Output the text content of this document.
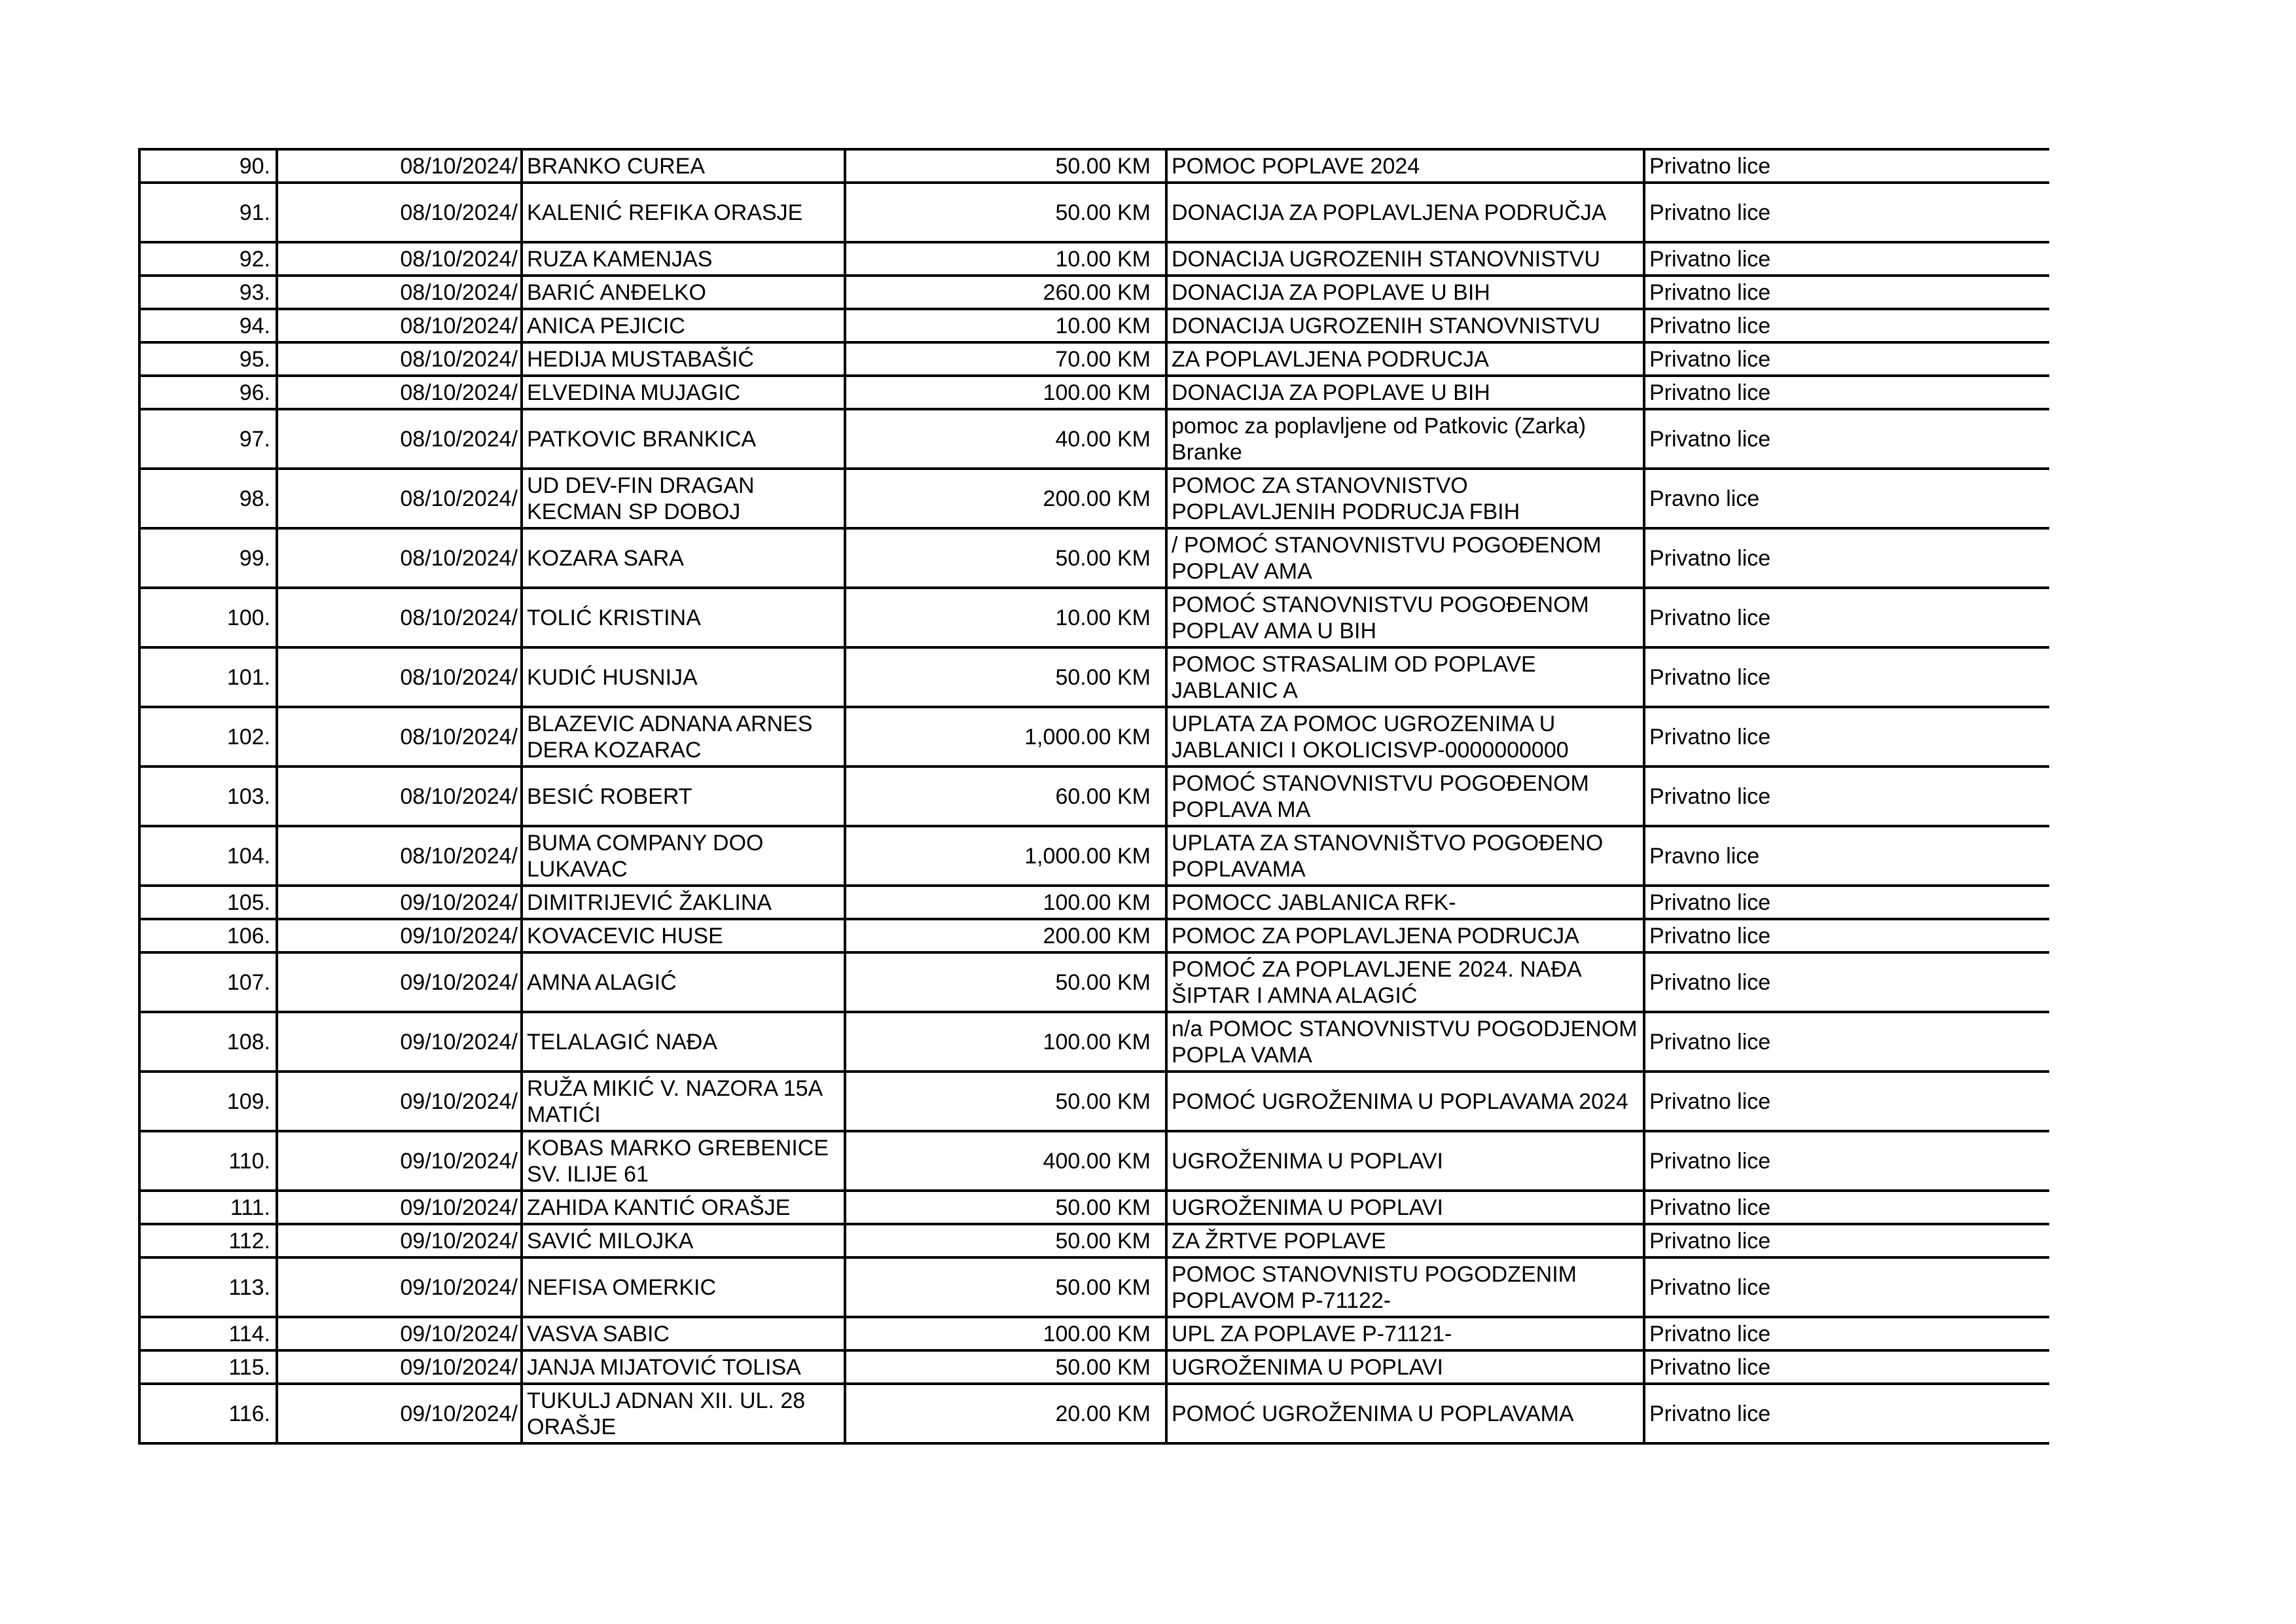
90.	08/10/2024/	BRANKO CUREA	50.00 KM	POMOC POPLAVE 2024	Privatno lice
91.	08/10/2024/	KALENIĆ REFIKA ORASJE	50.00 KM	DONACIJA ZA POPLAVLJENA PODRUČJA	Privatno lice
92.	08/10/2024/	RUZA KAMENJAS	10.00 KM	DONACIJA UGROZENIH STANOVNISTVU	Privatno lice
93.	08/10/2024/	BARIĆ ANĐELKO	260.00 KM	DONACIJA ZA POPLAVE U BIH	Privatno lice
94.	08/10/2024/	ANICA PEJICIC	10.00 KM	DONACIJA UGROZENIH STANOVNISTVU	Privatno lice
95.	08/10/2024/	HEDIJA MUSTABAŠIĆ	70.00 KM	ZA POPLAVLJENA PODRUCJA	Privatno lice
96.	08/10/2024/	ELVEDINA MUJAGIC	100.00 KM	DONACIJA ZA POPLAVE U BIH	Privatno lice
97.	08/10/2024/	PATKOVIC BRANKICA	40.00 KM	pomoc za poplavljene od Patkovic (Zarka) Branke	Privatno lice
98.	08/10/2024/	UD DEV-FIN DRAGAN KECMAN SP DOBOJ	200.00 KM	POMOC ZA STANOVNISTVO POPLAVLJENIH PODRUCJA FBIH	Pravno lice
99.	08/10/2024/	KOZARA SARA	50.00 KM	/ POMOĆ STANOVNISTVU POGOĐENOM POPLAV AMA	Privatno lice
100.	08/10/2024/	TOLIĆ KRISTINA	10.00 KM	POMOĆ STANOVNISTVU POGOĐENOM POPLAV AMA U BIH	Privatno lice
101.	08/10/2024/	KUDIĆ HUSNIJA	50.00 KM	POMOC STRASALIM OD POPLAVE JABLANIC A	Privatno lice
102.	08/10/2024/	BLAZEVIC ADNANA ARNES DERA KOZARAC	1,000.00 KM	UPLATA ZA POMOC UGROZENIMA U JABLANICI I OKOLICISVP-0000000000	Privatno lice
103.	08/10/2024/	BESIĆ ROBERT	60.00 KM	POMOĆ STANOVNISTVU POGOĐENOM POPLAVA MA	Privatno lice
104.	08/10/2024/	BUMA COMPANY DOO LUKAVAC	1,000.00 KM	UPLATA ZA STANOVNIŠTVO POGOĐENO POPLAVAMA	Pravno lice
105.	09/10/2024/	DIMITRIJEVIĆ ŽAKLINA	100.00 KM	POMOCC JABLANICA RFK-	Privatno lice
106.	09/10/2024/	KOVACEVIC HUSE	200.00 KM	POMOC ZA POPLAVLJENA PODRUCJA	Privatno lice
107.	09/10/2024/	AMNA ALAGIĆ	50.00 KM	POMOĆ ZA POPLAVLJENE 2024. NAĐA ŠIPTAR I AMNA ALAGIĆ	Privatno lice
108.	09/10/2024/	TELALAGIĆ NAĐA	100.00 KM	n/a POMOC STANOVNISTVU POGODJENOM POPLA VAMA	Privatno lice
109.	09/10/2024/	RUŽA MIKIĆ V. NAZORA 15A MATIĆI	50.00 KM	POMOĆ UGROŽENIMA U POPLAVAMA 2024	Privatno lice
110.	09/10/2024/	KOBAS MARKO GREBENICE SV. ILIJE 61	400.00 KM	UGROŽENIMA U POPLAVI	Privatno lice
111.	09/10/2024/	ZAHIDA KANTIĆ ORAŠJE	50.00 KM	UGROŽENIMA U POPLAVI	Privatno lice
112.	09/10/2024/	SAVIĆ MILOJKA	50.00 KM	ZA ŽRTVE POPLAVE	Privatno lice
113.	09/10/2024/	NEFISA OMERKIC	50.00 KM	POMOC STANOVNISTU POGODZENIM POPLAVOM P-71122-	Privatno lice
114.	09/10/2024/	VASVA SABIC	100.00 KM	UPL ZA POPLAVE P-71121-	Privatno lice
115.	09/10/2024/	JANJA MIJATOVIĆ TOLISA	50.00 KM	UGROŽENIMA U POPLAVI	Privatno lice
116.	09/10/2024/	TUKULJ ADNAN XII. UL. 28 ORAŠJE	20.00 KM	POMOĆ UGROŽENIMA U POPLAVAMA	Privatno lice
